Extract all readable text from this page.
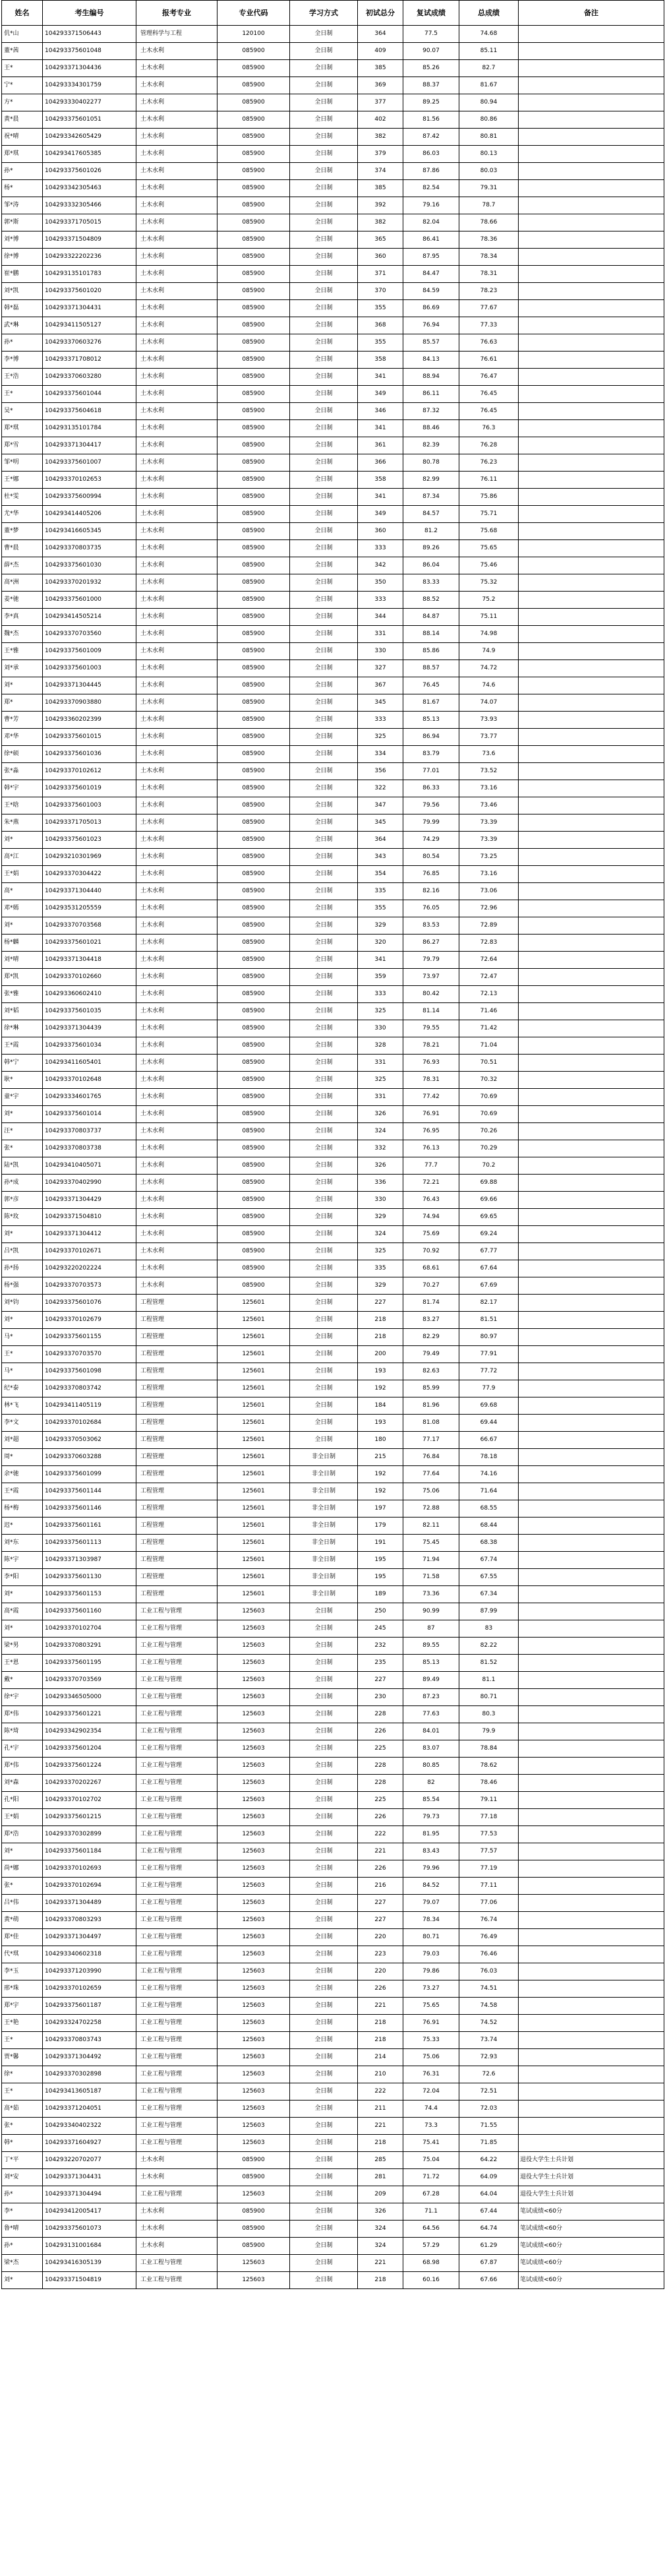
姓名	考生编号	报考专业	专业代码	学习方式	初试总分	复试成绩	总成绩	备注
仉*山	104293371506443	管理科学与工程	120100	全日制	364	77.5	74.68	
董*茜	104293375601048	土木水利	085900	全日制	409	90.07	85.11	
王*	104293371304436	土木水利	085900	全日制	385	85.26	82.7	
宁*	104293334301759	土木水利	085900	全日制	369	88.37	81.67	
方*	104293330402277	土木水利	085900	全日制	377	89.25	80.94	
黄*晨	104293375601051	土木水利	085900	全日制	402	81.56	80.86	
祝*晴	104293342605429	土木水利	085900	全日制	382	87.42	80.81	
郑*琪	104293417605385	土木水利	085900	全日制	379	86.03	80.13	
孙*	104293375601026	土木水利	085900	全日制	374	87.86	80.03	
杨*	104293342305463	土木水利	085900	全日制	385	82.54	79.31	
邹*涛	104293332305466	土木水利	085900	全日制	392	79.16	78.7	
郭*斯	104293371705015	土木水利	085900	全日制	382	82.04	78.66	
刘*博	104293371504809	土木水利	085900	全日制	365	86.41	78.36	
徐*博	104293322202236	土木水利	085900	全日制	360	87.95	78.34	
崔*鹏	104293135101783	土木水利	085900	全日制	371	84.47	78.31	
刘*凯	104293375601020	土木水利	085900	全日制	370	84.59	78.23	
韩*磊	104293371304431	土木水利	085900	全日制	355	86.69	77.67	
武*琳	104293411505127	土木水利	085900	全日制	368	76.94	77.33	
孙*	104293370603276	土木水利	085900	全日制	355	85.57	76.63	
李*博	104293371708012	土木水利	085900	全日制	358	84.13	76.61	
王*浩	104293370603280	土木水利	085900	全日制	341	88.94	76.47	
王*	104293375601044	土木水利	085900	全日制	349	86.11	76.45	
吴*	104293375604618	土木水利	085900	全日制	346	87.32	76.45	
郑*琪	104293135101784	土木水利	085900	全日制	341	88.46	76.3	
郑*雪	104293371304417	土木水利	085900	全日制	361	82.39	76.28	
邹*明	104293375601007	土木水利	085900	全日制	366	80.78	76.23	
王*娜	104293370102653	土木水利	085900	全日制	358	82.99	76.11	
杜*雯	104293375600994	土木水利	085900	全日制	341	87.34	75.86	
尤*华	104293414405206	土木水利	085900	全日制	349	84.57	75.71	
董*梦	104293416605345	土木水利	085900	全日制	360	81.2	75.68	
曹*晨	104293370803735	土木水利	085900	全日制	333	89.26	75.65	
薛*杰	104293375601030	土木水利	085900	全日制	342	86.04	75.46	
高*洲	104293370201932	土木水利	085900	全日制	350	83.33	75.32	
姜*驰	104293375601000	土木水利	085900	全日制	333	88.52	75.2	
李*真	104293414505214	土木水利	085900	全日制	344	84.87	75.11	
魏*杰	104293370703560	土木水利	085900	全日制	331	88.14	74.98	
王*雅	104293375601009	土木水利	085900	全日制	330	85.86	74.9	
刘*承	104293375601003	土木水利	085900	全日制	327	88.57	74.72	
刘*	104293371304445	土木水利	085900	全日制	367	76.45	74.6	
郑*	104293370903880	土木水利	085900	全日制	345	81.67	74.07	
曹*芳	104293360202399	土木水利	085900	全日制	333	85.13	73.93	
邓*华	104293375601015	土木水利	085900	全日制	325	86.94	73.77	
徐*硕	104293375601036	土木水利	085900	全日制	334	83.79	73.6	
张*淼	104293370102612	土木水利	085900	全日制	356	77.01	73.52	
韩*宇	104293375601019	土木水利	085900	全日制	322	86.33	73.16	
王*晗	104293375601003	土木水利	085900	全日制	347	79.56	73.46	
朱*燕	104293371705013	土木水利	085900	全日制	345	79.99	73.39	
刘*	104293375601023	土木水利	085900	全日制	364	74.29	73.39	
高*江	104293210301969	土木水利	085900	全日制	343	80.54	73.25	
王*娟	104293370304422	土木水利	085900	全日制	354	76.85	73.16	
高*	104293371304440	土木水利	085900	全日制	335	82.16	73.06	
邓*嫣	104293531205559	土木水利	085900	全日制	355	76.05	72.96	
刘*	104293370703568	土木水利	085900	全日制	329	83.53	72.89	
杨*麟	104293375601021	土木水利	085900	全日制	320	86.27	72.83	
刘*晴	104293371304418	土木水利	085900	全日制	341	79.79	72.64	
郑*凯	104293370102660	土木水利	085900	全日制	359	73.97	72.47	
张*雅	104293360602410	土木水利	085900	全日制	333	80.42	72.13	
刘*韬	104293375601035	土木水利	085900	全日制	325	81.14	71.46	
徐*琳	104293371304439	土木水利	085900	全日制	330	79.55	71.42	
王*霞	104293375601034	土木水利	085900	全日制	328	78.21	71.04	
韩*宁	104293411605401	土木水利	085900	全日制	331	76.93	70.51	
耿*	104293370102648	土木水利	085900	全日制	325	78.31	70.32	
童*宇	104293334601765	土木水利	085900	全日制	331	77.42	70.69	
刘*	104293375601014	土木水利	085900	全日制	326	76.91	70.69	
汪*	104293370803737	土木水利	085900	全日制	324	76.95	70.26	
张*	104293370803738	土木水利	085900	全日制	332	76.13	70.29	
陆*凯	104293410405071	土木水利	085900	全日制	326	77.7	70.2	
孙*成	104293370402990	土木水利	085900	全日制	336	72.21	69.88	
郭*彦	104293371304429	土木水利	085900	全日制	330	76.43	69.66	
陈*玫	104293371504810	土木水利	085900	全日制	329	74.94	69.65	
刘*	104293371304412	土木水利	085900	全日制	324	75.69	69.24	
吕*凯	104293370102671	土木水利	085900	全日制	325	70.92	67.77	
孙*扬	104293220202224	土木水利	085900	全日制	335	68.61	67.64	
杨*强	104293370703573	土木水利	085900	全日制	329	70.27	67.69	
刘*钧	104293375601076	工程管理	125601	全日制	227	81.74	82.17	
刘*	104293370102679	工程管理	125601	全日制	218	83.27	81.51	
马*	104293375601155	工程管理	125601	全日制	218	82.29	80.97	
王*	104293370703570	工程管理	125601	全日制	200	79.49	77.91	
马*	104293375601098	工程管理	125601	全日制	193	82.63	77.72	
纪*泰	104293370803742	工程管理	125601	全日制	192	85.99	77.9	
林*飞	104293411405119	工程管理	125601	全日制	184	81.96	69.68	
李*文	104293370102684	工程管理	125601	全日制	193	81.08	69.44	
刘*超	104293370503062	工程管理	125601	全日制	180	77.17	66.67	
周*	104293370603288	工程管理	125601	非全日制	215	76.84	78.18	
余*驰	104293375601099	工程管理	125601	非全日制	192	77.64	74.16	
王*霞	104293375601144	工程管理	125601	非全日制	192	75.06	71.64	
杨*梅	104293375601146	工程管理	125601	非全日制	197	72.88	68.55	
迟*	104293375601161	工程管理	125601	非全日制	179	82.11	68.44	
刘*东	104293375601113	工程管理	125601	非全日制	191	75.45	68.38	
陈*宇	104293371303987	工程管理	125601	非全日制	195	71.94	67.74	
李*阳	104293375601130	工程管理	125601	非全日制	195	71.58	67.55	
刘*	104293375601153	工程管理	125601	非全日制	189	73.36	67.34	
高*霞	104293375601160	工业工程与管理	125603	全日制	250	90.99	87.99	
刘*	104293370102704	工业工程与管理	125603	全日制	245	87	83	
梁*男	104293370803291	工业工程与管理	125603	全日制	232	89.55	82.22	
王*恩	104293375601195	工业工程与管理	125603	全日制	235	85.13	81.52	
戴*	104293370703569	工业工程与管理	125603	全日制	227	89.49	81.1	
徐*宇	104293346505000	工业工程与管理	125603	全日制	230	87.23	80.71	
郑*伟	104293375601221	工业工程与管理	125603	全日制	228	77.63	80.3	
陈*琦	104293342902354	工业工程与管理	125603	全日制	226	84.01	79.9	
孔*宇	104293375601204	工业工程与管理	125603	全日制	225	83.07	78.84	
郑*伟	104293375601224	工业工程与管理	125603	全日制	228	80.85	78.62	
刘*森	104293370202267	工业工程与管理	125603	全日制	228	82	78.46	
孔*阳	104293370102702	工业工程与管理	125603	全日制	225	85.54	79.11	
王*娟	104293375601215	工业工程与管理	125603	全日制	226	79.73	77.18	
郑*浩	104293370302899	工业工程与管理	125603	全日制	222	81.95	77.53	
刘*	104293375601184	工业工程与管理	125603	全日制	221	83.43	77.57	
尚*娜	104293370102693	工业工程与管理	125603	全日制	226	79.96	77.19	
张*	104293370102694	工业工程与管理	125603	全日制	216	84.52	77.11	
吕*伟	104293371304489	工业工程与管理	125603	全日制	227	79.07	77.06	
黄*萌	104293370803293	工业工程与管理	125603	全日制	227	78.34	76.74	
郑*佳	104293371304497	工业工程与管理	125603	全日制	220	80.71	76.49	
代*琪	104293340602318	工业工程与管理	125603	全日制	223	79.03	76.46	
李*玉	104293371203990	工业工程与管理	125603	全日制	220	79.86	76.03	
邢*珠	104293370102659	工业工程与管理	125603	全日制	226	73.27	74.51	
郑*宇	104293375601187	工业工程与管理	125603	全日制	221	75.65	74.58	
王*艳	104293324702258	工业工程与管理	125603	全日制	218	76.91	74.52	
王*	104293370803743	工业工程与管理	125603	全日制	218	75.33	73.74	
贾*馨	104293371304492	工业工程与管理	125603	全日制	214	75.06	72.93	
徐*	104293370302898	工业工程与管理	125603	全日制	210	76.31	72.6	
王*	104293413605187	工业工程与管理	125603	全日制	222	72.04	72.51	
高*茹	104293371204051	工业工程与管理	125603	全日制	211	74.4	72.03	
张*	104293340402322	工业工程与管理	125603	全日制	221	73.3	71.55	
韩*	104293371604927	工业工程与管理	125603	全日制	218	75.41	71.85	
丁*平	104293220702077	土木水利	085900	全日制	285	75.04	64.22	退役大学生士兵计划
刘*安	104293371304431	土木水利	085900	全日制	281	71.72	64.09	退役大学生士兵计划
孙*	104293371304494	工业工程与管理	125603	全日制	209	67.28	64.04	退役大学生士兵计划
李*	104293412005417	土木水利	085900	全日制	326	71.1	67.44	笔试成绩<60分
鲁*晴	104293375601073	土木水利	085900	全日制	324	64.56	64.74	笔试成绩<60分
孙*	104293131001684	土木水利	085900	全日制	324	57.29	61.29	笔试成绩<60分
梁*杰	104293416305139	工业工程与管理	125603	全日制	221	68.98	67.87	笔试成绩<60分
刘*	104293371504819	工业工程与管理	125603	全日制	218	60.16	67.66	笔试成绩<60分
